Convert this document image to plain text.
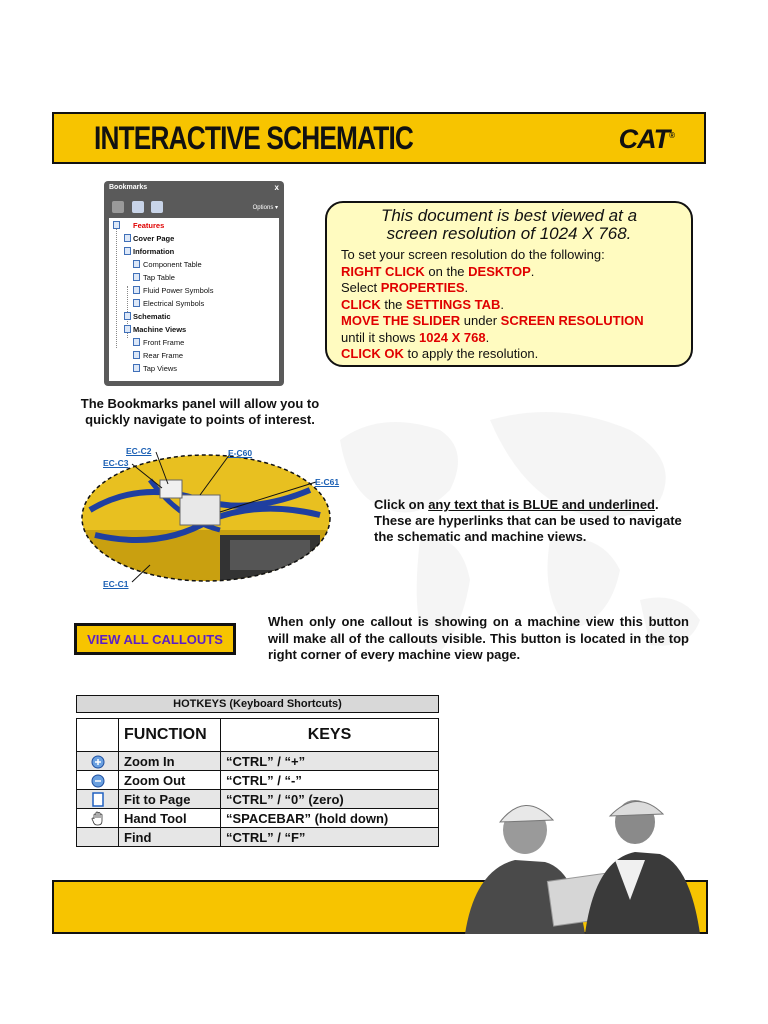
INTERACTIVE SCHEMATIC	CAT®
Bookmarks	x
Options ▾
Features
Cover Page
Information
Component Table
Tap Table
Fluid Power Symbols
Electrical Symbols
Schematic
Machine Views
Front Frame
Rear Frame
Tap Views
This document is best viewed at a
screen resolution of 1024 X 768.
To set your screen resolution do the following:
RIGHT CLICK on the DESKTOP.
Select PROPERTIES.
CLICK the SETTINGS TAB.
MOVE THE SLIDER under SCREEN RESOLUTION
until it shows 1024 X 768.
CLICK OK to apply the resolution.
The Bookmarks panel will allow you to quickly navigate to points of interest.
EC-C2
EC-C3
E-C60
E-C61
EC-C1
Click on any text that is BLUE and underlined. These are hyperlinks that can be used to navigate the schematic and machine views.
VIEW ALL CALLOUTS
When only one callout is showing on a machine view this button will make all of the callouts visible. This button is located in the top right corner of every machine view page.
HOTKEYS (Keyboard Shortcuts)
	FUNCTION	KEYS
	Zoom In	“CTRL” / “+”
	Zoom Out	“CTRL” / “-”
	Fit to Page	“CTRL” / “0” (zero)
	Hand Tool	“SPACEBAR” (hold down)
	Find	“CTRL” / “F”
